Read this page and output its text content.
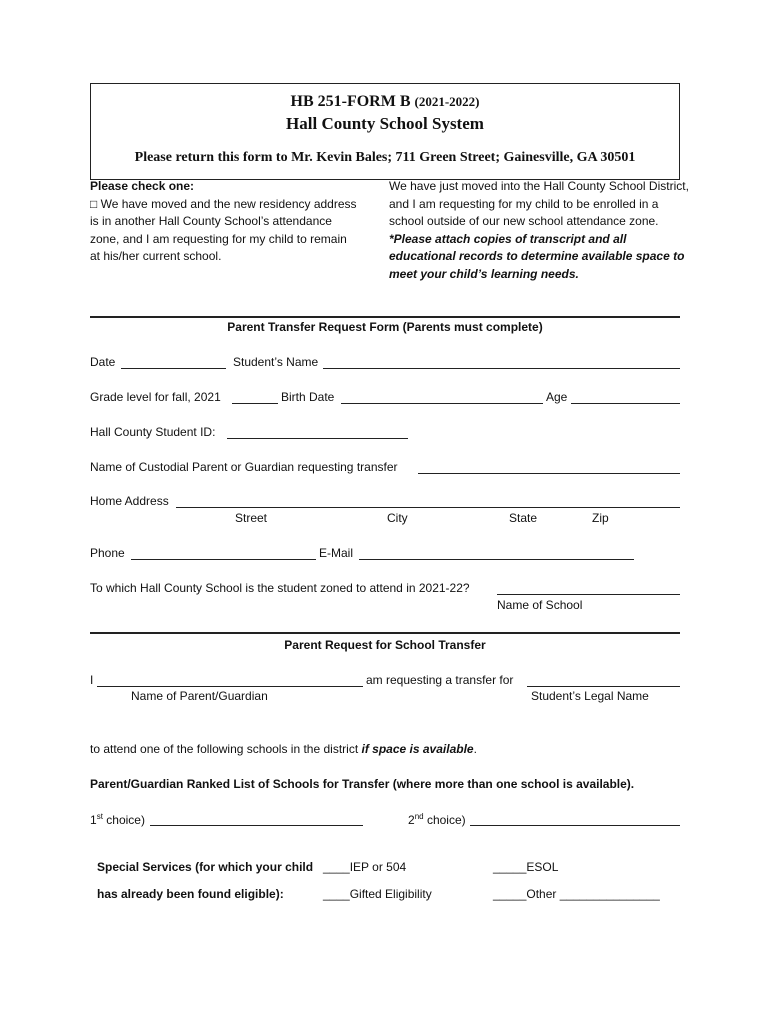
HB 251-FORM B (2021-2022)
Hall County School System
Please return this form to Mr. Kevin Bales; 711 Green Street; Gainesville, GA 30501
Please check one:
□ We have moved and the new residency address is in another Hall County School’s attendance zone, and I am requesting for my child to remain at his/her current school.
We have just moved into the Hall County School District, and I am requesting for my child to be enrolled in a school outside of our new school attendance zone. *Please attach copies of transcript and all educational records to determine available space to meet your child’s learning needs.
Parent Transfer Request Form (Parents must complete)
Date	Student’s Name
Grade level for fall, 2021	Birth Date	Age
Hall County Student ID:
Name of Custodial Parent or Guardian requesting transfer
Home Address
Street	City	State	Zip
Phone	E-Mail
To which Hall County School is the student zoned to attend in 2021-22?
Name of School
Parent Request for School Transfer
I	am requesting a transfer for
Name of Parent/Guardian	Student’s Legal Name
to attend one of the following schools in the district if space is available.
Parent/Guardian Ranked List of Schools for Transfer (where more than one school is available).
1st choice)	2nd choice)
Special Services (for which your child
has already been found eligible):
____IEP or 504	_____ESOL
____Gifted Eligibility	_____Other _______________
